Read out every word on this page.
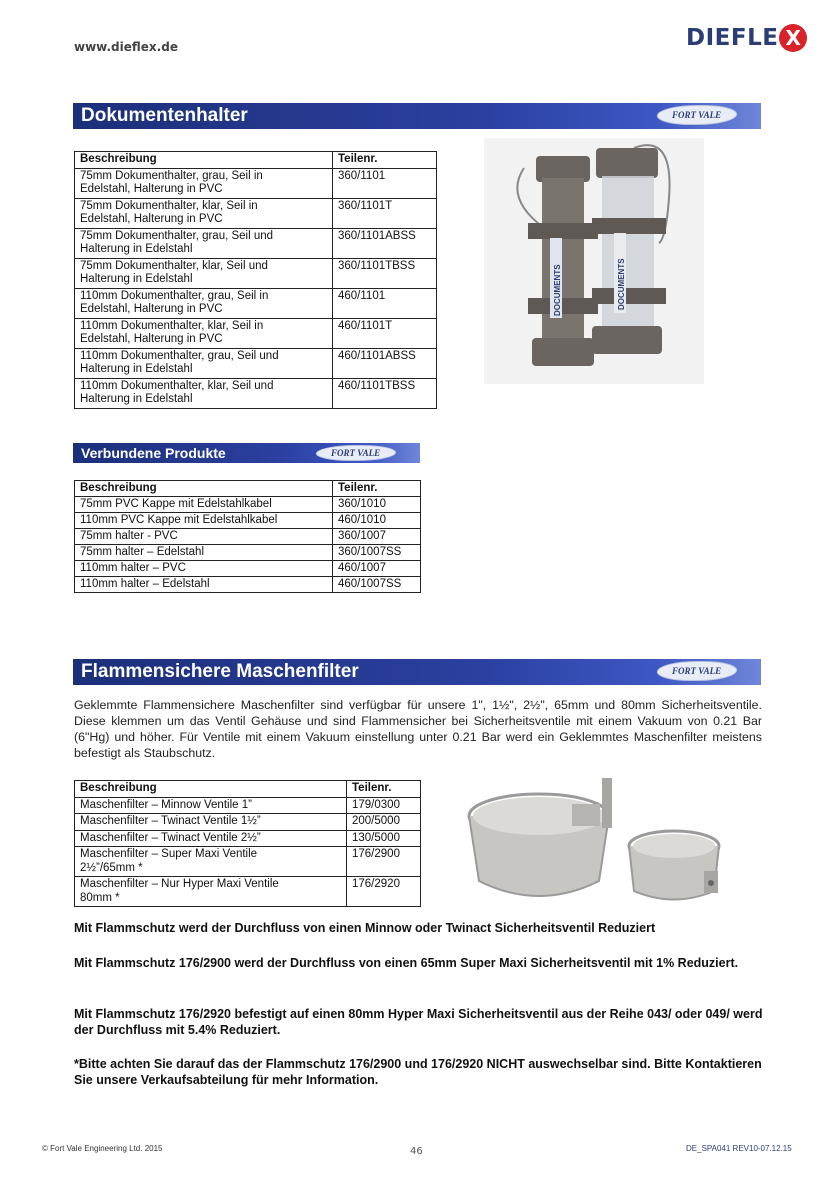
www.dieflex.de	DIEFLE X
Dokumentenhalter	FORT VALE
Beschreibung	Teilenr.

75mm Dokumenthalter, grau, Seil in
Edelstahl, Halterung in PVC	360/1101

75mm Dokumenthalter, klar, Seil in
Edelstahl, Halterung in PVC	360/1101T

75mm Dokumenthalter, grau, Seil und
Halterung in Edelstahl	360/1101ABSS

75mm Dokumenthalter, klar, Seil und
Halterung in Edelstahl	360/1101TBSS

110mm Dokumenthalter, grau, Seil in
Edelstahl, Halterung in PVC	460/1101

110mm Dokumenthalter, klar, Seil in
Edelstahl, Halterung in PVC	460/1101T

110mm Dokumenthalter, grau, Seil und
Halterung in Edelstahl	460/1101ABSS

110mm Dokumenthalter, klar, Seil und
Halterung in Edelstahl	460/1101TBSS
DOCUMENTS	DOCUMENTS
Verbundene Produkte	FORT VALE
Beschreibung	Teilenr.
75mm PVC Kappe mit Edelstahlkabel	360/1010
110mm PVC Kappe mit Edelstahlkabel	460/1010
75mm halter - PVC	360/1007
75mm halter – Edelstahl	360/1007SS
110mm halter – PVC	460/1007
110mm halter – Edelstahl	460/1007SS
Flammensichere Maschenfilter	FORT VALE
Geklemmte Flammensichere Maschenfilter sind verfügbar für unsere 1", 1½", 2½", 65mm und 80mm Sicherheitsventile. Diese klemmen um das Ventil Gehäuse und sind Flammensicher bei Sicherheitsventile mit einem Vakuum von 0.21 Bar (6"Hg) und höher. Für Ventile mit einem Vakuum einstellung unter 0.21 Bar werd ein Geklemmtes Maschenfilter meistens befestigt als Staubschutz.
Beschreibung	Teilenr.

Maschenfilter – Minnow Ventile 1”	179/0300

Maschenfilter – Twinact Ventile 1½”	200/5000

Maschenfilter – Twinact Ventile 2½”	130/5000

Maschenfilter – Super Maxi Ventile
2½”/65mm *	176/2900

Maschenfilter – Nur Hyper Maxi Ventile
80mm *	176/2920
Mit Flammschutz werd der Durchfluss von einen Minnow oder Twinact Sicherheitsventil Reduziert
Mit Flammschutz 176/2900 werd der Durchfluss von einen 65mm Super Maxi Sicherheitsventil mit 1% Reduziert.
Mit Flammschutz 176/2920 befestigt auf einen 80mm Hyper Maxi Sicherheitsventil aus der Reihe 043/ oder 049/ werd der Durchfluss mit 5.4% Reduziert.
*Bitte achten Sie darauf das der Flammschutz 176/2900 und 176/2920 NICHT auswechselbar sind. Bitte Kontaktieren Sie unsere Verkaufsabteilung für mehr Information.
© Fort Vale Engineering Ltd. 2015	46	DE_SPA041 REV10-07.12.15
